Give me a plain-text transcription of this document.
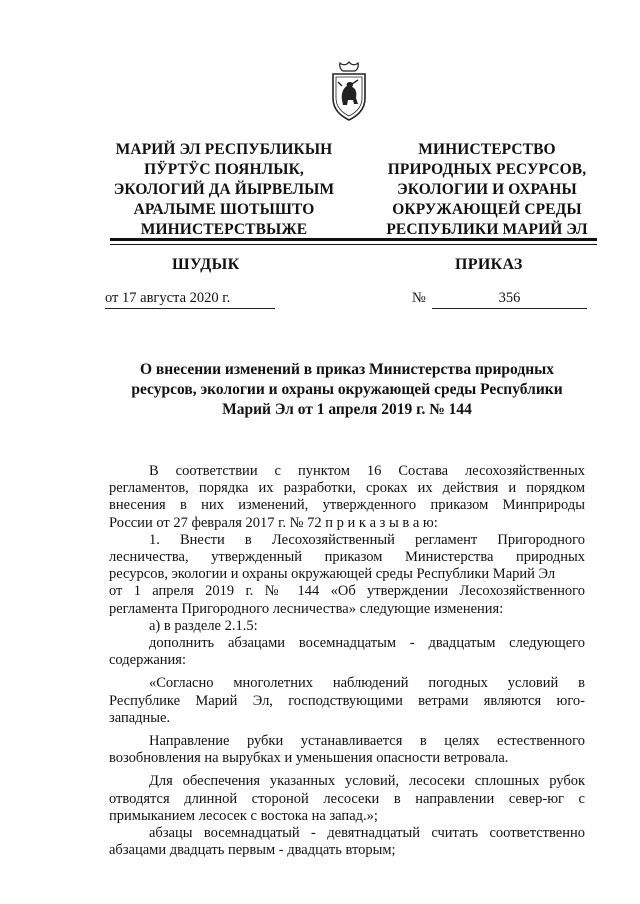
МАРИЙ ЭЛ РЕСПУБЛИКЫН
ПӰРТӰС ПОЯНЛЫК,
ЭКОЛОГИЙ ДА ЙЫРВЕЛЫМ
АРАЛЫМЕ ШОТЫШТО
МИНИСТЕРСТВЫЖЕ
МИНИСТЕРСТВО
ПРИРОДНЫХ РЕСУРСОВ,
ЭКОЛОГИИ И ОХРАНЫ
ОКРУЖАЮЩЕЙ СРЕДЫ
РЕСПУБЛИКИ МАРИЙ ЭЛ
ШУДЫК	ПРИКАЗ
от 17 августа 2020 г.	№	356
О внесении изменений в приказ Министерства природных
ресурсов, экологии и охраны окружающей среды Республики
Марий Эл от 1 апреля 2019 г. № 144
В соответствии с пунктом 16 Состава лесохозяйственных
регламентов, порядка их разработки, сроках их действия и порядком
внесения в них изменений, утвержденного приказом Минприроды
России от 27 февраля 2017 г. № 72 п р и к а з ы в а ю:
1. Внести в Лесохозяйственный регламент Пригородного
лесничества, утвержденный приказом Министерства природных
ресурсов, экологии и охраны окружающей среды Республики Марий Эл
от 1 апреля 2019 г. № 144 «Об утверждении Лесохозяйственного
регламента Пригородного лесничества» следующие изменения:
а) в разделе 2.1.5:
дополнить абзацами восемнадцатым - двадцатым следующего
содержания:
«Согласно многолетних наблюдений погодных условий в
Республике Марий Эл, господствующими ветрами являются юго-
западные.
Направление рубки устанавливается в целях естественного
возобновления на вырубках и уменьшения опасности ветровала.
Для обеспечения указанных условий, лесосеки сплошных рубок
отводятся длинной стороной лесосеки в направлении север-юг с
примыканием лесосек с востока на запад.»;
абзацы восемнадцатый - девятнадцатый считать соответственно
абзацами двадцать первым - двадцать вторым;
